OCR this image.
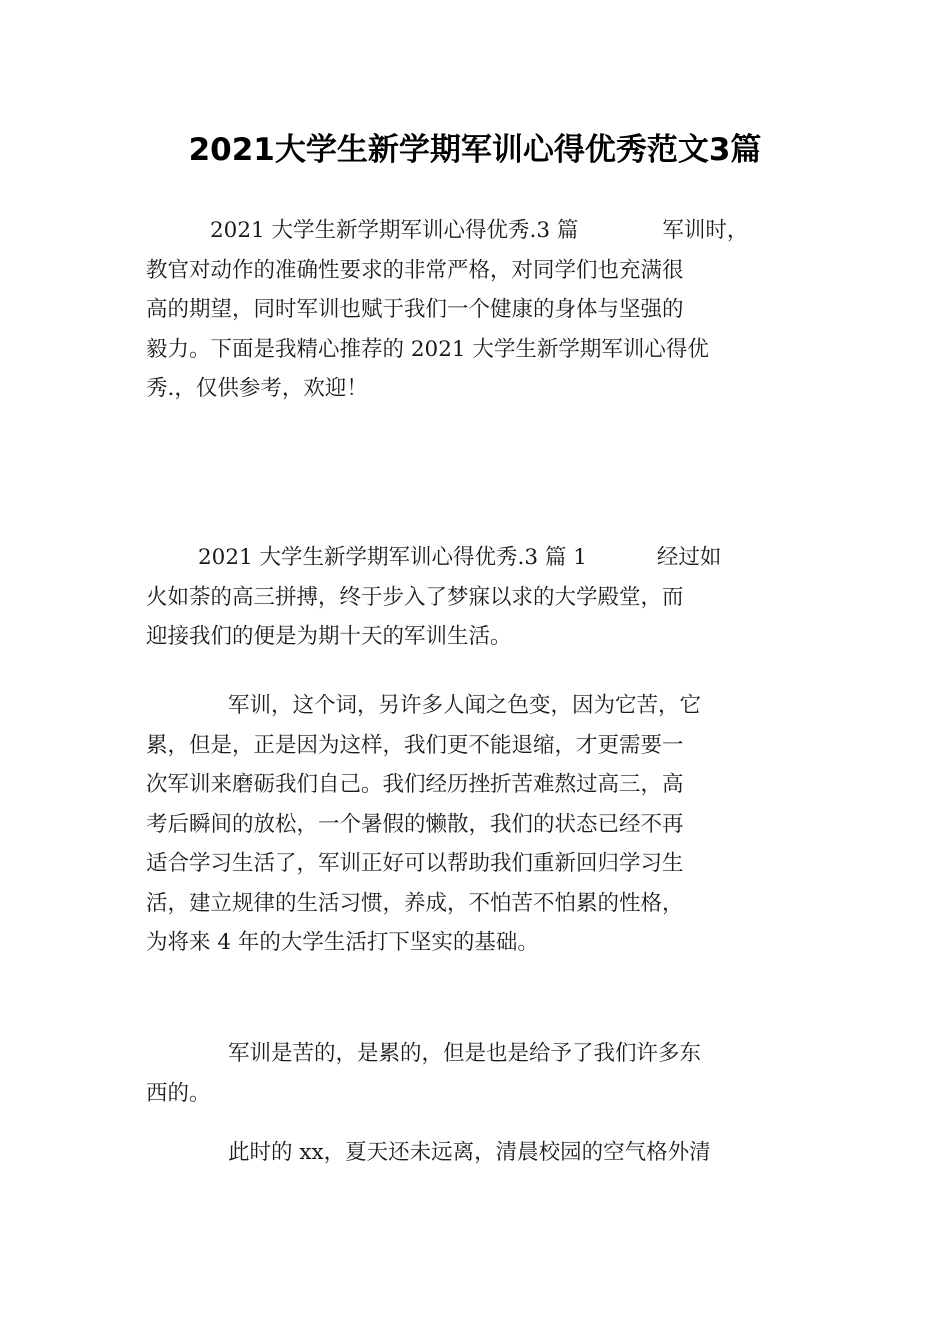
2021大学生新学期军训心得优秀范文3篇
2021 大学生新学期军训心得优秀.3 篇	军训时，
教官对动作的准确性要求的非常严格，对同学们也充满很
高的期望，同时军训也赋于我们一个健康的身体与坚强的
毅力。下面是我精心推荐的 2021 大学生新学期军训心得优
秀.，仅供参考，欢迎！
2021 大学生新学期军训心得优秀.3 篇 1	经过如
火如荼的高三拼搏，终于步入了梦寐以求的大学殿堂，而
迎接我们的便是为期十天的军训生活。
军训，这个词，另许多人闻之色变，因为它苦，它
累，但是，正是因为这样，我们更不能退缩，才更需要一
次军训来磨砺我们自己。我们经历挫折苦难熬过高三，高
考后瞬间的放松，一个暑假的懒散，我们的状态已经不再
适合学习生活了，军训正好可以帮助我们重新回归学习生
活，建立规律的生活习惯，养成，不怕苦不怕累的性格，
为将来 4 年的大学生活打下坚实的基础。
军训是苦的，是累的，但是也是给予了我们许多东
西的。
此时的 xx，夏天还未远离，清晨校园的空气格外清
